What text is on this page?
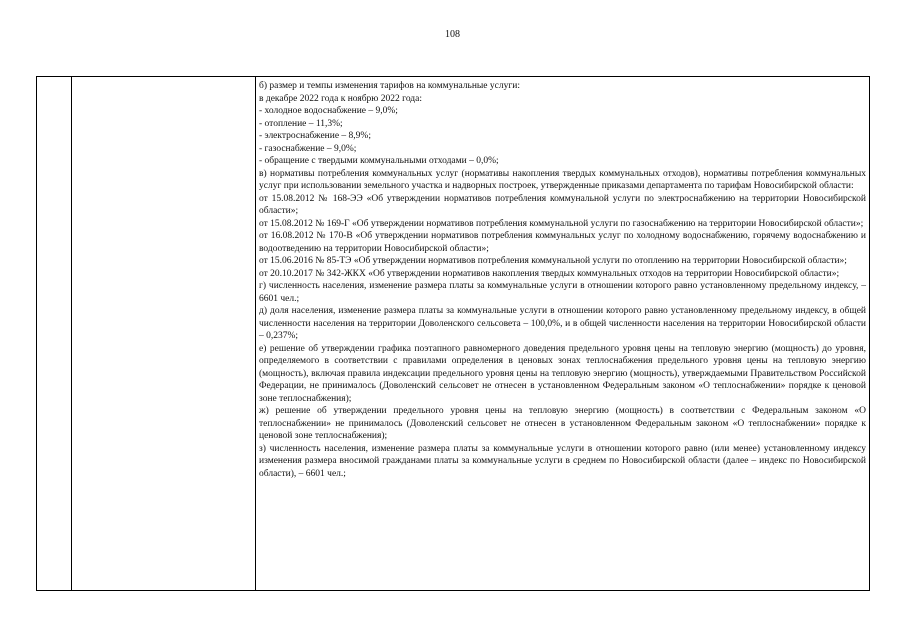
108

б) размер и темпы изменения тарифов на коммунальные услуги:

в декабре 2022 года к ноябрю 2022 года:

- холодное водоснабжение – 9,0%;

- отопление – 11,3%;

- электроснабжение – 8,9%;

- газоснабжение – 9,0%;

- обращение с твердыми коммунальными отходами – 0,0%;

в) нормативы потребления коммунальных услуг (нормативы накопления твердых коммунальных отходов), нормативы потребления коммунальных услуг при использовании земельного участка и надворных построек, утвержденные приказами департамента по тарифам Новосибирской области:

от 15.08.2012 № 168-ЭЭ «Об утверждении нормативов потребления коммунальной услуги по электроснабжению на территории Новосибирской области»;

от 15.08.2012 № 169-Г «Об утверждении нормативов потребления коммунальной услуги по газоснабжению на территории Новосибирской области»;

от 16.08.2012 № 170-В «Об утверждении нормативов потребления коммунальных услуг по холодному водоснабжению, горячему водоснабжению и водоотведению на территории Новосибирской области»;

от 15.06.2016 № 85-ТЭ «Об утверждении нормативов потребления коммунальной услуги по отоплению на территории Новосибирской области»;

от 20.10.2017 № 342-ЖКХ «Об утверждении нормативов накопления твердых коммунальных отходов на территории Новосибирской области»;

г) численность населения, изменение размера платы за коммунальные услуги в отношении которого равно установленному предельному индексу, – 6601 чел.;

д) доля населения, изменение размера платы за коммунальные услуги в отношении которого равно установленному предельному индексу, в общей численности населения на территории Доволенского сельсовета – 100,0%, и в общей численности населения на территории Новосибирской области – 0,237%;

е) решение об утверждении графика поэтапного равномерного доведения предельного уровня цены на тепловую энергию (мощность) до уровня, определяемого в соответствии с правилами определения в ценовых зонах теплоснабжения предельного уровня цены на тепловую энергию (мощность), включая правила индексации предельного уровня цены на тепловую энергию (мощность), утверждаемыми Правительством Российской Федерации, не принималось (Доволенский сельсовет не отнесен в установленном Федеральным законом «О теплоснабжении» порядке к ценовой зоне теплоснабжения);

ж) решение об утверждении предельного уровня цены на тепловую энергию (мощность) в соответствии с Федеральным законом «О теплоснабжении» не принималось (Доволенский сельсовет не отнесен в установленном Федеральным законом «О теплоснабжении» порядке к ценовой зоне теплоснабжения);

з) численность населения, изменение размера платы за коммунальные услуги в отношении которого равно (или менее) установленному индексу изменения размера вносимой гражданами платы за коммунальные услуги в среднем по Новосибирской области (далее – индекс по Новосибирской области), – 6601 чел.;
